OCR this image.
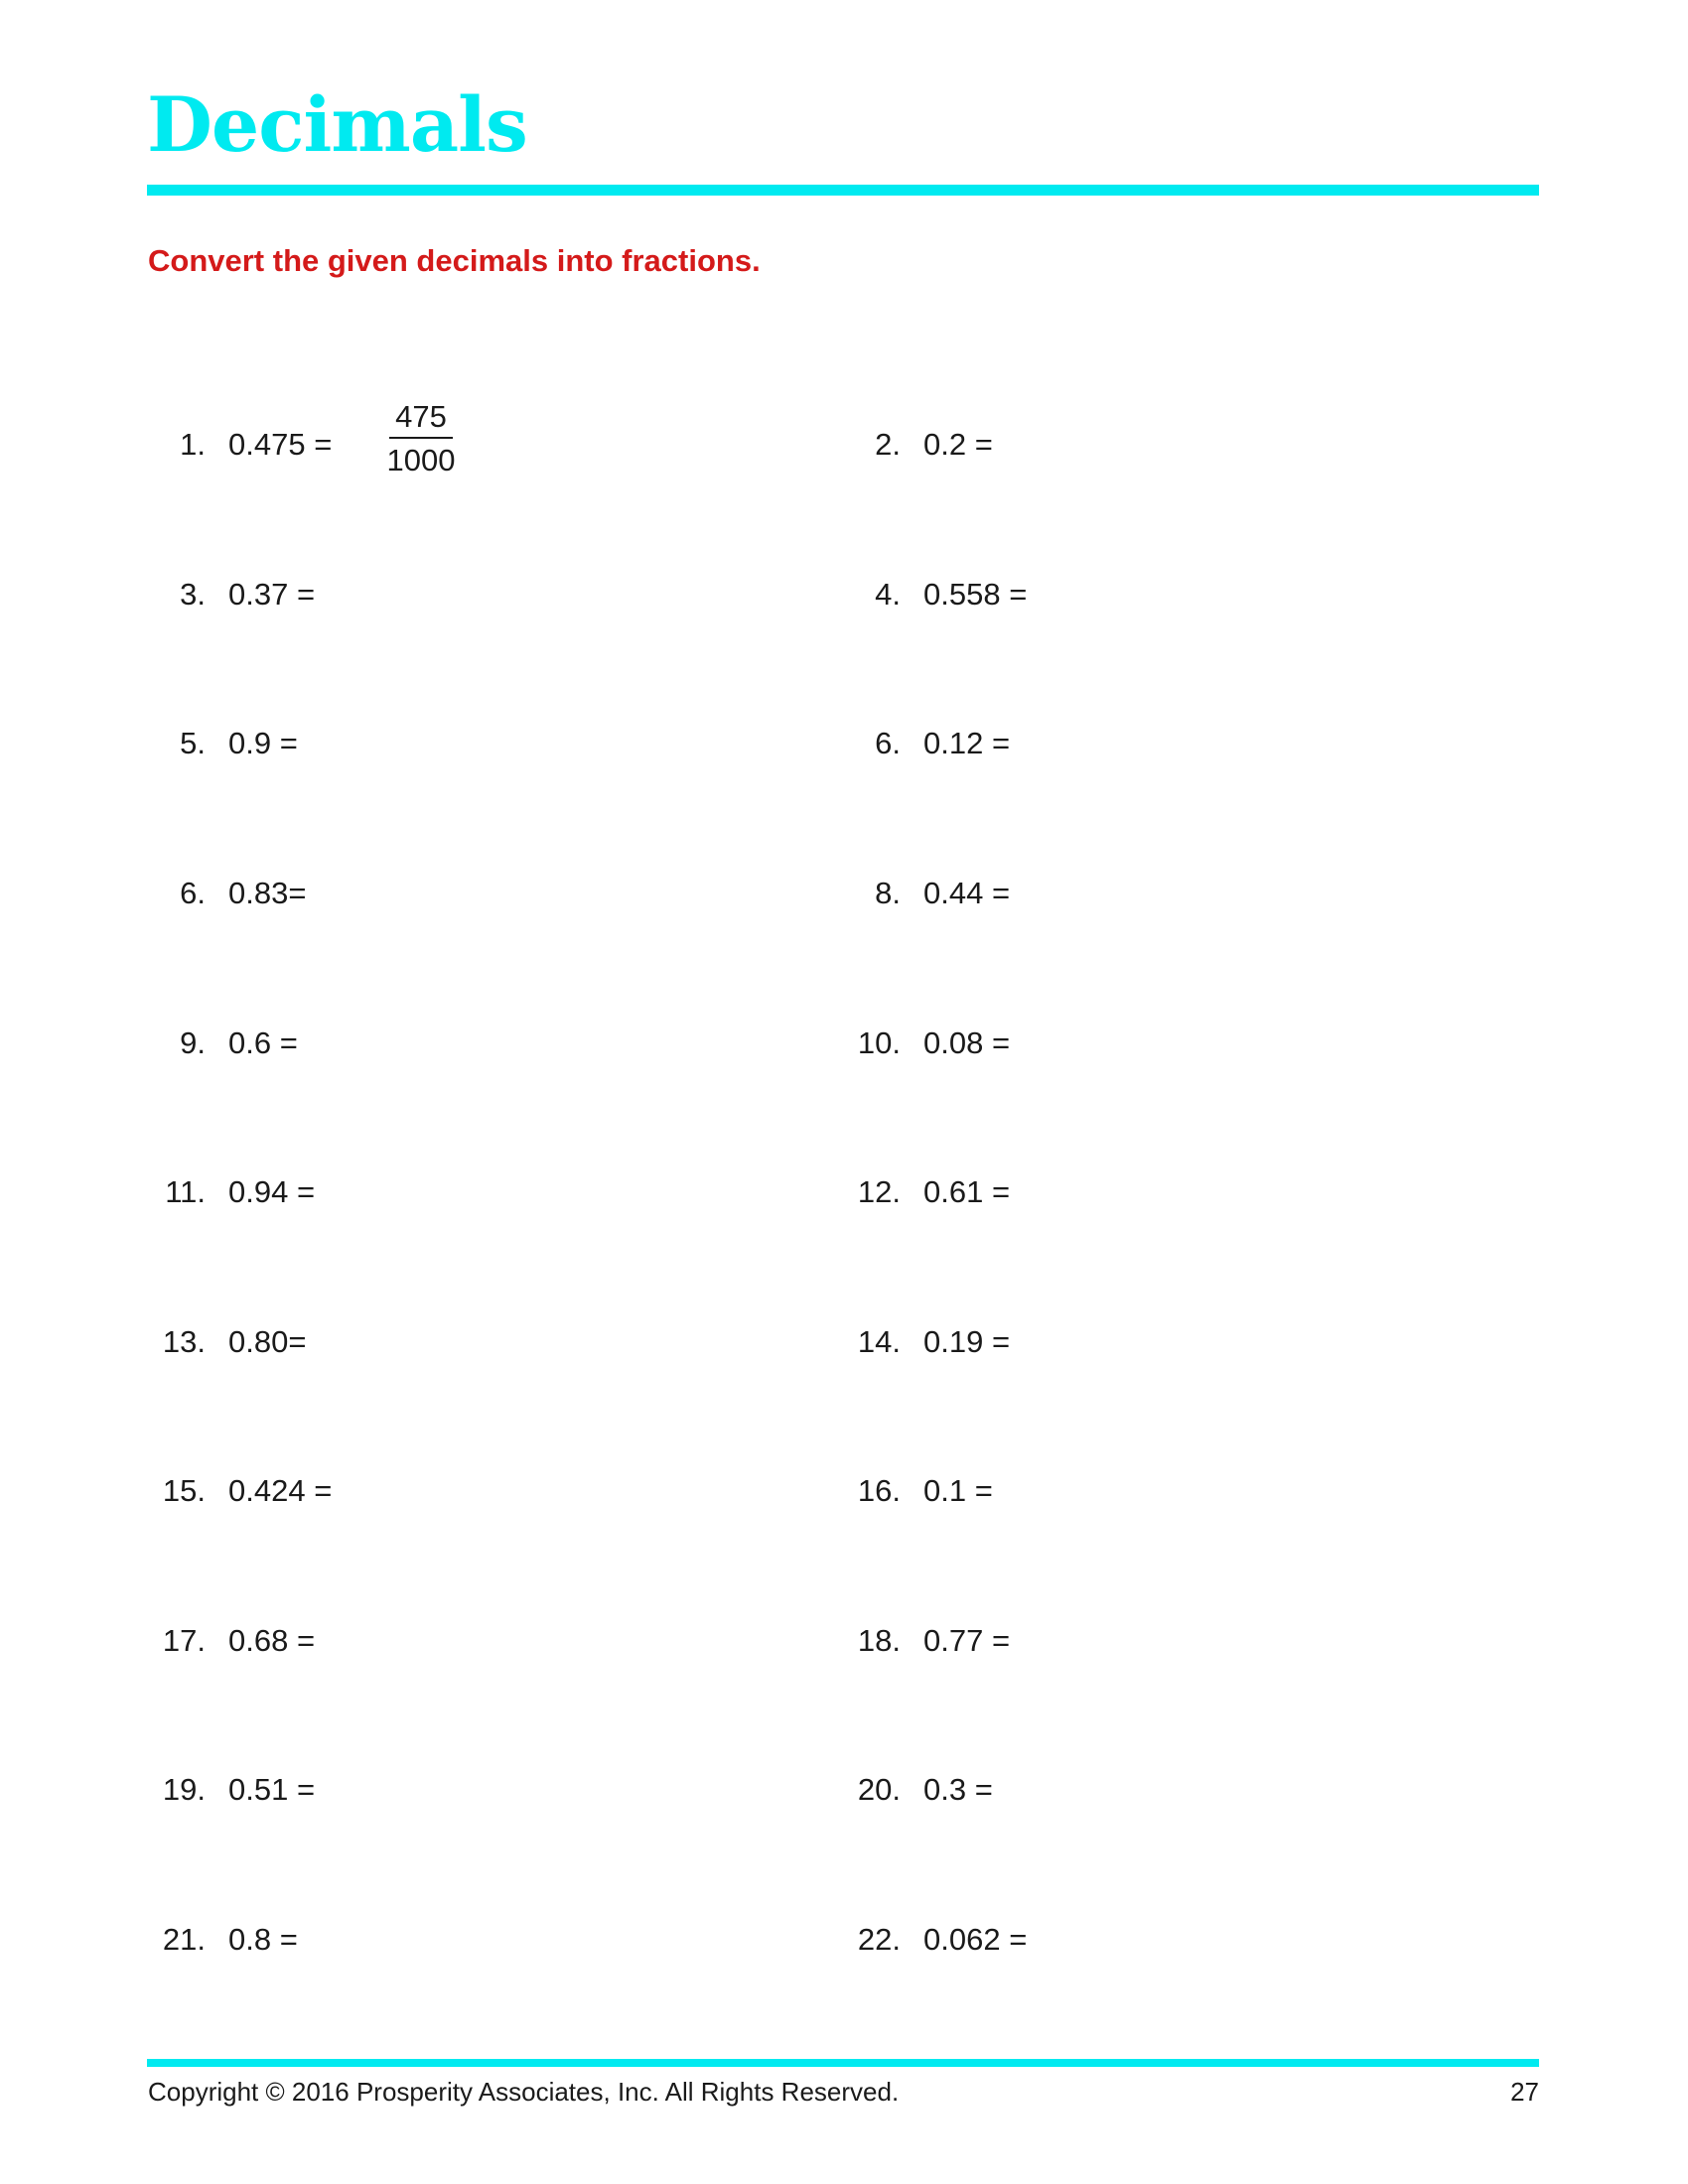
Decimals
Convert the given decimals into fractions.
1. 0.475 =
475
1000	2. 0.2 =
3. 0.37 =	4. 0.558 =
5. 0.9 =	6. 0.12 =
6. 0.83=	8. 0.44 =
9. 0.6 =	10. 0.08 =
11. 0.94 =	12. 0.61 =
13. 0.80=	14. 0.19 =
15. 0.424 =	16. 0.1 =
17. 0.68 =	18. 0.77 =
19. 0.51 =	20. 0.3 =
21. 0.8 =	22. 0.062 =
Copyright © 2016 Prosperity Associates, Inc. All Rights Reserved.	27
